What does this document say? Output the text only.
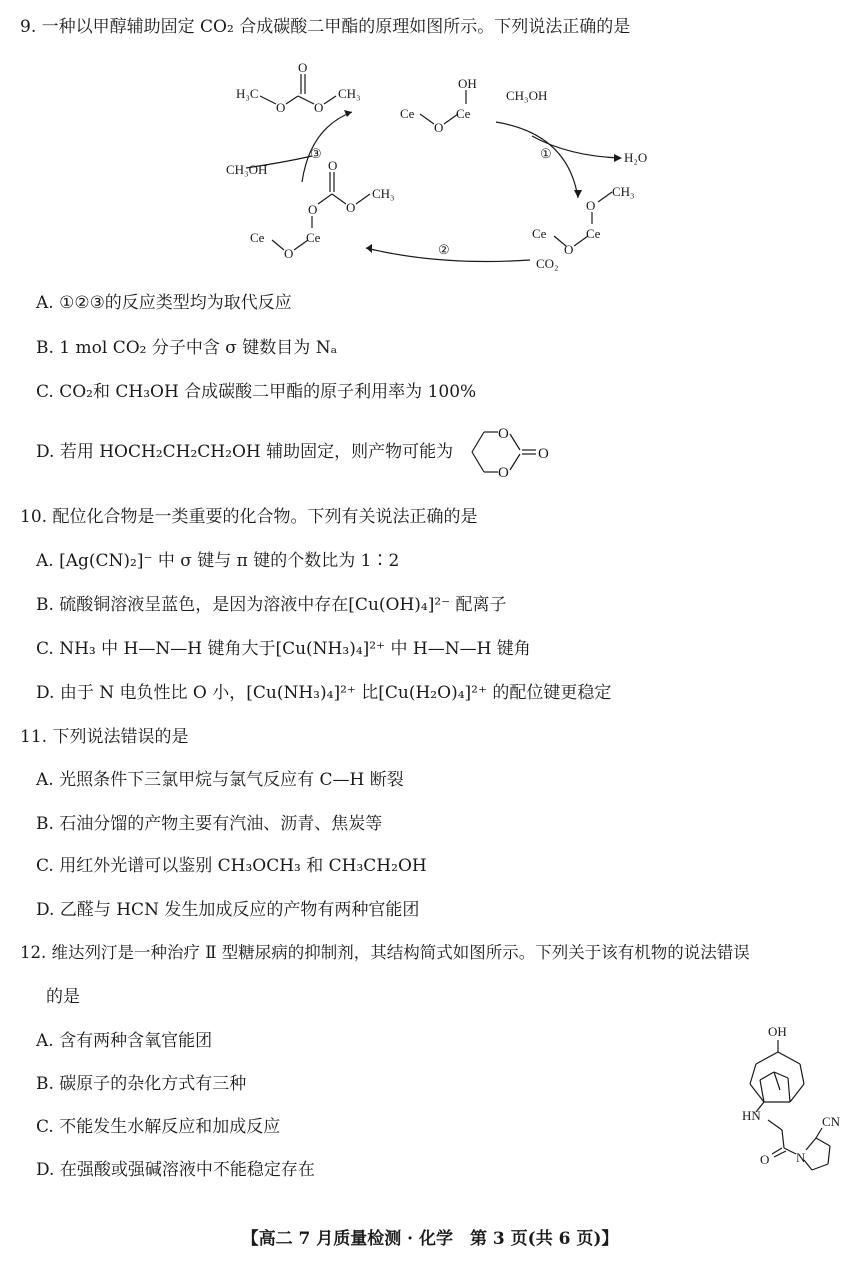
9. 一种以甲醇辅助固定 CO₂ 合成碳酸二甲酯的原理如图所示。下列说法正确的是
H₃C
O
O
O
CH₃
OH
Ce
O
Ce
CH₃OH
H₂O
①
O
CH₃
Ce
O
Ce
CO₂
②
O
O O
CH₃
Ce
O
Ce
CH₃OH
③
A. ①②③的反应类型均为取代反应
B. 1 mol CO₂ 分子中含 σ 键数目为 Nₐ
C. CO₂和 CH₃OH 合成碳酸二甲酯的原子利用率为 100%
D. 若用 HOCH₂CH₂CH₂OH 辅助固定，则产物可能为
O
O
O
10. 配位化合物是一类重要的化合物。下列有关说法正确的是
A. [Ag(CN)₂]⁻ 中 σ 键与 π 键的个数比为 1∶2
B. 硫酸铜溶液呈蓝色，是因为溶液中存在[Cu(OH)₄]²⁻ 配离子
C. NH₃ 中 H—N—H 键角大于[Cu(NH₃)₄]²⁺ 中 H—N—H 键角
D. 由于 N 电负性比 O 小，[Cu(NH₃)₄]²⁺ 比[Cu(H₂O)₄]²⁺ 的配位键更稳定
11. 下列说法错误的是
A. 光照条件下三氯甲烷与氯气反应有 C—H 断裂
B. 石油分馏的产物主要有汽油、沥青、焦炭等
C. 用红外光谱可以鉴别 CH₃OCH₃ 和 CH₃CH₂OH
D. 乙醛与 HCN 发生加成反应的产物有两种官能团
12. 维达列汀是一种治疗 Ⅱ 型糖尿病的抑制剂，其结构简式如图所示。下列关于该有机物的说法错误
的是
A. 含有两种含氧官能团
B. 碳原子的杂化方式有三种
C. 不能发生水解反应和加成反应
D. 在强酸或强碱溶液中不能稳定存在
OH
HN	CN
O N
【高二 7 月质量检测 · 化学　第 3 页(共 6 页)】
